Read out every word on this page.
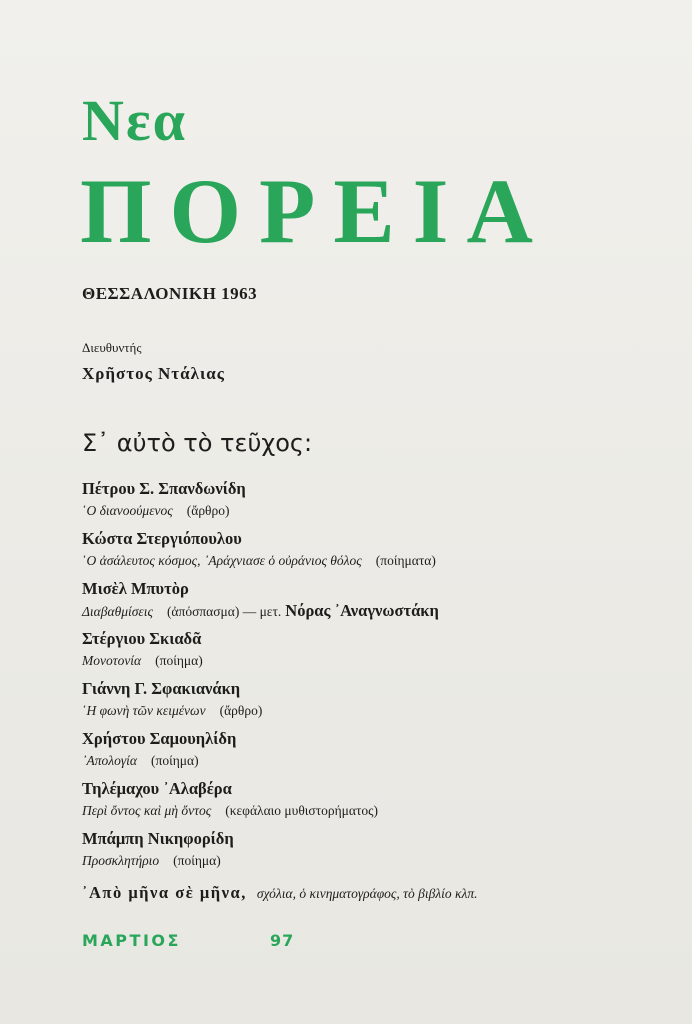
Νεα
ΠΟΡΕΙΑ
ΘΕΣΣΑΛΟΝΙΚΗ 1963
Διευθυντής
Χρῆστος Ντάλιας
Σ᾽ αὐτὸ τὸ τεῦχος:
Πέτρου Σ. Σπανδωνίδη
῾Ο διανοούμενος (ἄρθρο)
Κώστα Στεργιόπουλου
῾Ο ἀσάλευτος κόσμος, ᾽Αράχνιασε ὁ οὐράνιος θόλος (ποίηματα)
Μισὲλ Μπυτὸρ
Διαβαθμίσεις (ἀπόσπασμα) — μετ. Νόρας ᾽Αναγνωστάκη
Στέργιου Σκιαδᾶ
Μονοτονία (ποίημα)
Γιάννη Γ. Σφακιανάκη
῾Η φωνὴ τῶν κειμένων (ἄρθρο)
Χρήστου Σαμουηλίδη
᾽Απολογία (ποίημα)
Τηλέμαχου ᾽Αλαβέρα
Περὶ ὄντος καὶ μὴ ὄντος (κεφάλαιο μυθιστορήματος)
Μπάμπη Νικηφορίδη
Προσκλητήριο (ποίημα)
᾽Απὸ μῆνα σὲ μῆνα, σχόλια, ὁ κινηματογράφος, τὸ βιβλίο κλπ.
ΜΑΡΤΙΟΣ	97
